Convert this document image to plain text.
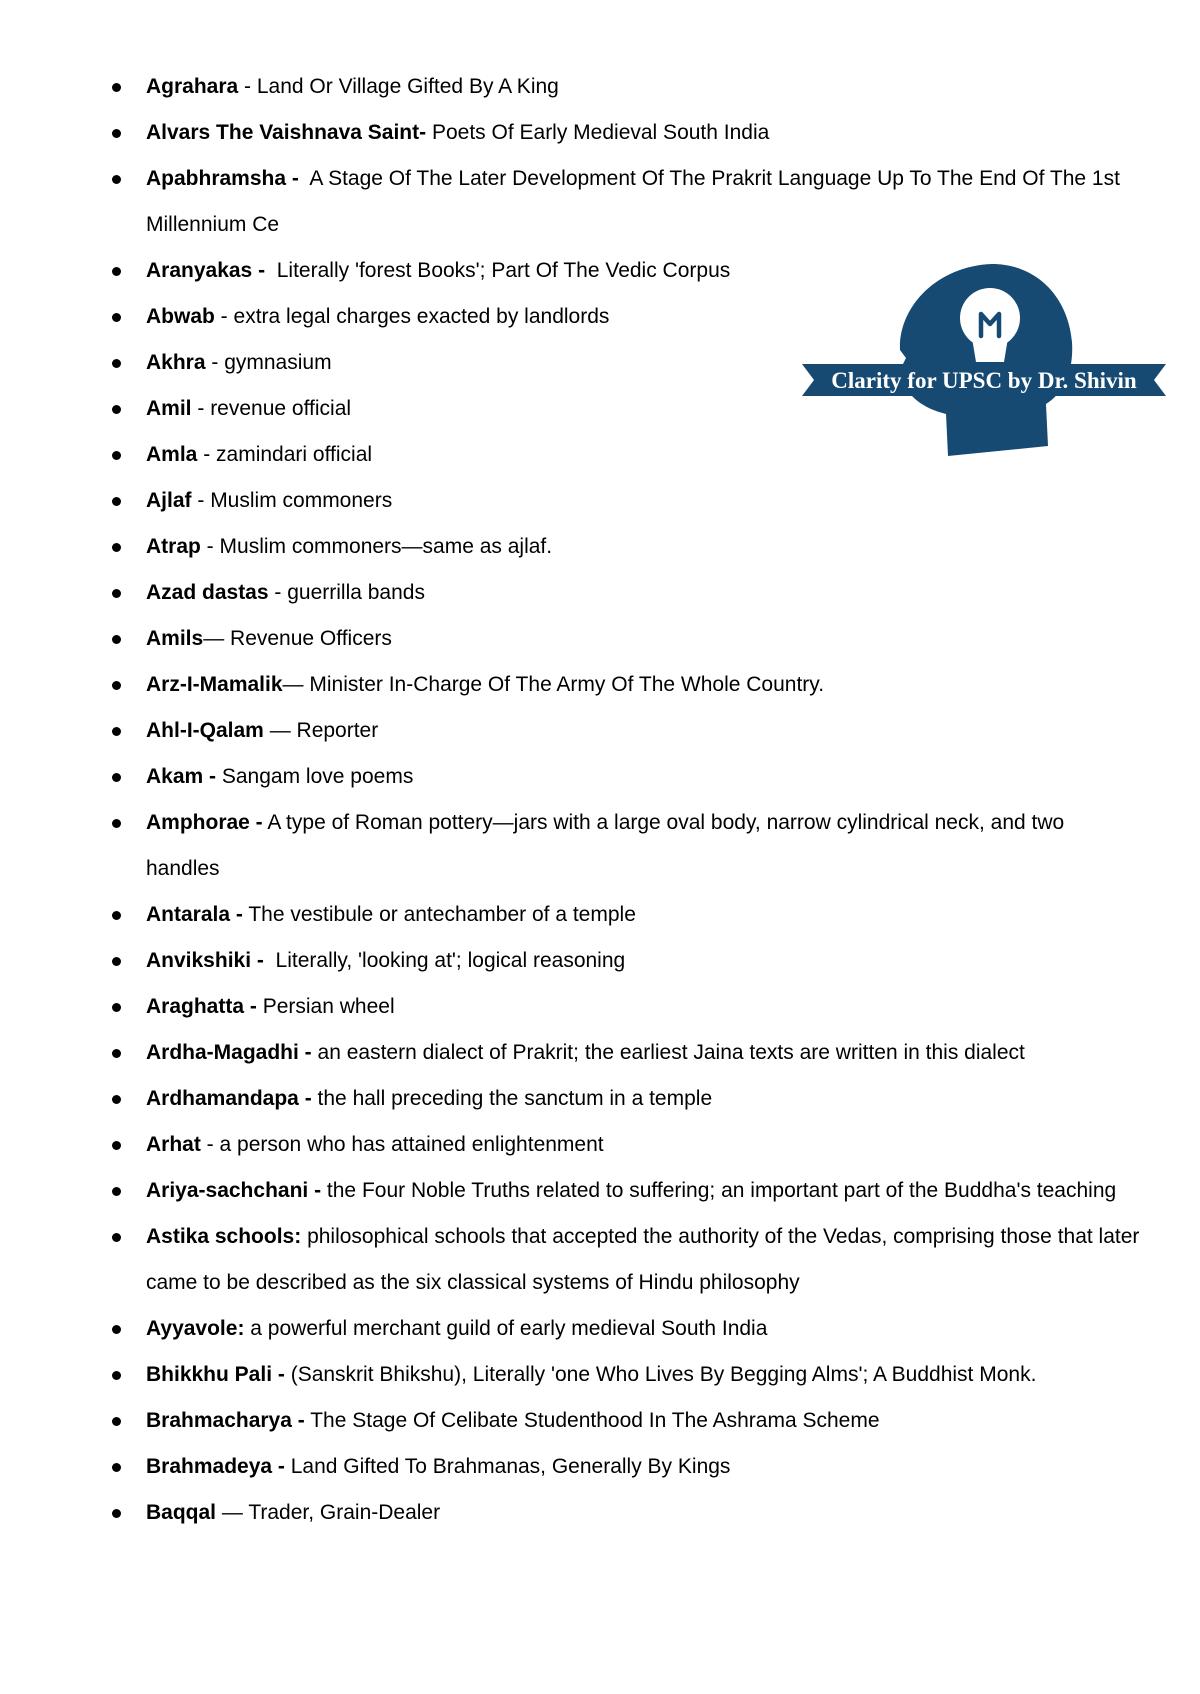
Agrahara - Land Or Village Gifted By A King
Alvars The Vaishnava Saint- Poets Of Early Medieval South India
Apabhramsha - A Stage Of The Later Development Of The Prakrit Language Up To The End Of The 1st Millennium Ce
Aranyakas - Literally 'forest Books'; Part Of The Vedic Corpus
Abwab - extra legal charges exacted by landlords
Akhra - gymnasium
Amil - revenue official
Amla - zamindari official
Ajlaf - Muslim commoners
Atrap - Muslim commoners—same as ajlaf.
Azad dastas - guerrilla bands
Amils— Revenue Officers
Arz-I-Mamalik— Minister In-Charge Of The Army Of The Whole Country.
Ahl-I-Qalam — Reporter
Akam - Sangam love poems
Amphorae - A type of Roman pottery—jars with a large oval body, narrow cylindrical neck, and two handles
Antarala - The vestibule or antechamber of a temple
Anvikshiki - Literally, 'looking at'; logical reasoning
Araghatta - Persian wheel
Ardha-Magadhi - an eastern dialect of Prakrit; the earliest Jaina texts are written in this dialect
Ardhamandapa - the hall preceding the sanctum in a temple
Arhat - a person who has attained enlightenment
Ariya-sachchani - the Four Noble Truths related to suffering; an important part of the Buddha's teaching
Astika schools: philosophical schools that accepted the authority of the Vedas, comprising those that later came to be described as the six classical systems of Hindu philosophy
Ayyavole: a powerful merchant guild of early medieval South India
Bhikkhu Pali - (Sanskrit Bhikshu), Literally 'one Who Lives By Begging Alms'; A Buddhist Monk.
Brahmacharya - The Stage Of Celibate Studenthood In The Ashrama Scheme
Brahmadeya - Land Gifted To Brahmanas, Generally By Kings
Baqqal — Trader, Grain-Dealer
Clarity for UPSC by Dr. Shivin
